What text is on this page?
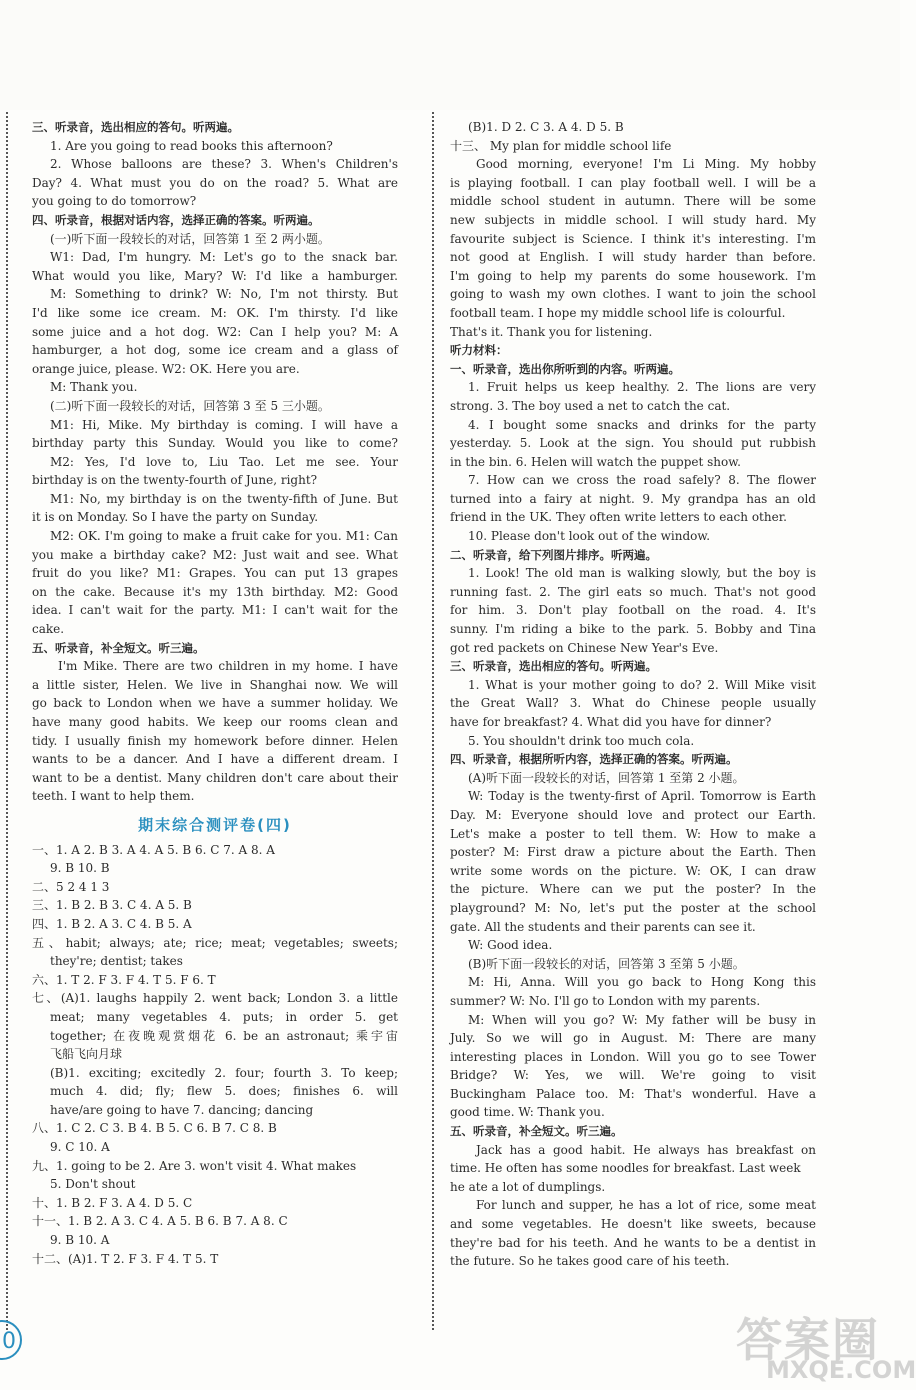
三、听录音，选出相应的答句。听两遍。

1. Are you going to read books this afternoon?

2. Whose balloons are these? 3. When's Children's

Day? 4. What must you do on the road? 5. What are

you going to do tomorrow?

四、听录音，根据对话内容，选择正确的答案。听两遍。

(一)听下面一段较长的对话，回答第 1 至 2 两小题。

W1: Dad, I'm hungry. M: Let's go to the snack bar.

What would you like, Mary? W: I'd like a hamburger.

M: Something to drink? W: No, I'm not thirsty. But

I'd like some ice cream. M: OK. I'm thirsty. I'd like

some juice and a hot dog. W2: Can I help you? M: A

hamburger, a hot dog, some ice cream and a glass of

orange juice, please. W2: OK. Here you are.

M: Thank you.

(二)听下面一段较长的对话，回答第 3 至 5 三小题。

M1: Hi, Mike. My birthday is coming. I will have a

birthday party this Sunday. Would you like to come?

M2: Yes, I'd love to, Liu Tao. Let me see. Your

birthday is on the twenty-fourth of June, right?

M1: No, my birthday is on the twenty-fifth of June. But

it is on Monday. So I have the party on Sunday.

M2: OK. I'm going to make a fruit cake for you. M1: Can

you make a birthday cake? M2: Just wait and see. What

fruit do you like? M1: Grapes. You can put 13 grapes

on the cake. Because it's my 13th birthday. M2: Good

idea. I can't wait for the party. M1: I can't wait for the

cake.

五、听录音，补全短文。听三遍。

I'm Mike. There are two children in my home. I have

a little sister, Helen. We live in Shanghai now. We will

go back to London when we have a summer holiday. We

have many good habits. We keep our rooms clean and

tidy. I usually finish my homework before dinner. Helen

wants to be a dancer. And I have a different dream. I

want to be a dentist. Many children don't care about their

teeth. I want to help them.

期末综合测评卷(四)

一、1. A 2. B 3. A 4. A 5. B 6. C 7. A 8. A

9. B 10. B

二、5 2 4 1 3

三、1. B 2. B 3. C 4. A 5. B

四、1. B 2. A 3. C 4. B 5. A

五、habit; always; ate; rice; meat; vegetables; sweets;

they're; dentist; takes

六、1. T 2. F 3. F 4. T 5. F 6. T

七、(A)1. laughs happily 2. went back; London 3. a little

meat; many vegetables 4. puts; in order 5. get

together; 在夜晚观赏烟花 6. be an astronaut; 乘宇宙

飞船飞向月球

(B)1. exciting; excitedly 2. four; fourth 3. To keep;

much 4. did; fly; flew 5. does; finishes 6. will

have/are going to have 7. dancing; dancing

八、1. C 2. C 3. B 4. B 5. C 6. B 7. C 8. B

9. C 10. A

九、1. going to be 2. Are 3. won't visit 4. What makes

5. Don't shout

十、1. B 2. F 3. A 4. D 5. C

十一、1. B 2. A 3. C 4. A 5. B 6. B 7. A 8. C

9. B 10. A

十二、(A)1. T 2. F 3. F 4. T 5. T

(B)1. D 2. C 3. A 4. D 5. B

十三、 My plan for middle school life

Good morning, everyone! I'm Li Ming. My hobby

is playing football. I can play football well. I will be a

middle school student in autumn. There will be some

new subjects in middle school. I will study hard. My

favourite subject is Science. I think it's interesting. I'm

not good at English. I will study harder than before.

I'm going to help my parents do some housework. I'm

going to wash my own clothes. I want to join the school

football team. I hope my middle school life is colourful.

That's it. Thank you for listening.

听力材料：

一、听录音，选出你所听到的内容。听两遍。

1. Fruit helps us keep healthy. 2. The lions are very

strong. 3. The boy used a net to catch the cat.

4. I bought some snacks and drinks for the party

yesterday. 5. Look at the sign. You should put rubbish

in the bin. 6. Helen will watch the puppet show.

7. How can we cross the road safely? 8. The flower

turned into a fairy at night. 9. My grandpa has an old

friend in the UK. They often write letters to each other.

10. Please don't look out of the window.

二、听录音，给下列图片排序。听两遍。

1. Look! The old man is walking slowly, but the boy is

running fast. 2. The girl eats so much. That's not good

for him. 3. Don't play football on the road. 4. It's

sunny. I'm riding a bike to the park. 5. Bobby and Tina

got red packets on Chinese New Year's Eve.

三、听录音，选出相应的答句。听两遍。

1. What is your mother going to do? 2. Will Mike visit

the Great Wall? 3. What do Chinese people usually

have for breakfast? 4. What did you have for dinner?

5. You shouldn't drink too much cola.

四、听录音，根据所听内容，选择正确的答案。听两遍。

(A)听下面一段较长的对话，回答第 1 至第 2 小题。

W: Today is the twenty-first of April. Tomorrow is Earth

Day. M: Everyone should love and protect our Earth.

Let's make a poster to tell them. W: How to make a

poster? M: First draw a picture about the Earth. Then

write some words on the picture. W: OK, I can draw

the picture. Where can we put the poster? In the

playground? M: No, let's put the poster at the school

gate. All the students and their parents can see it.

W: Good idea.

(B)听下面一段较长的对话，回答第 3 至第 5 小题。

M: Hi, Anna. Will you go back to Hong Kong this

summer? W: No. I'll go to London with my parents.

M: When will you go? W: My father will be busy in

July. So we will go in August. M: There are many

interesting places in London. Will you go to see Tower

Bridge? W: Yes, we will. We're going to visit

Buckingham Palace too. M: That's wonderful. Have a

good time. W: Thank you.

五、听录音，补全短文。听三遍。

Jack has a good habit. He always has breakfast on

time. He often has some noodles for breakfast. Last week

he ate a lot of dumplings.

For lunch and supper, he has a lot of rice, some meat

and some vegetables. He doesn't like sweets, because

they're bad for his teeth. And he wants to be a dentist in

the future. So he takes good care of his teeth.

0	答案圈
MXQE.COM
